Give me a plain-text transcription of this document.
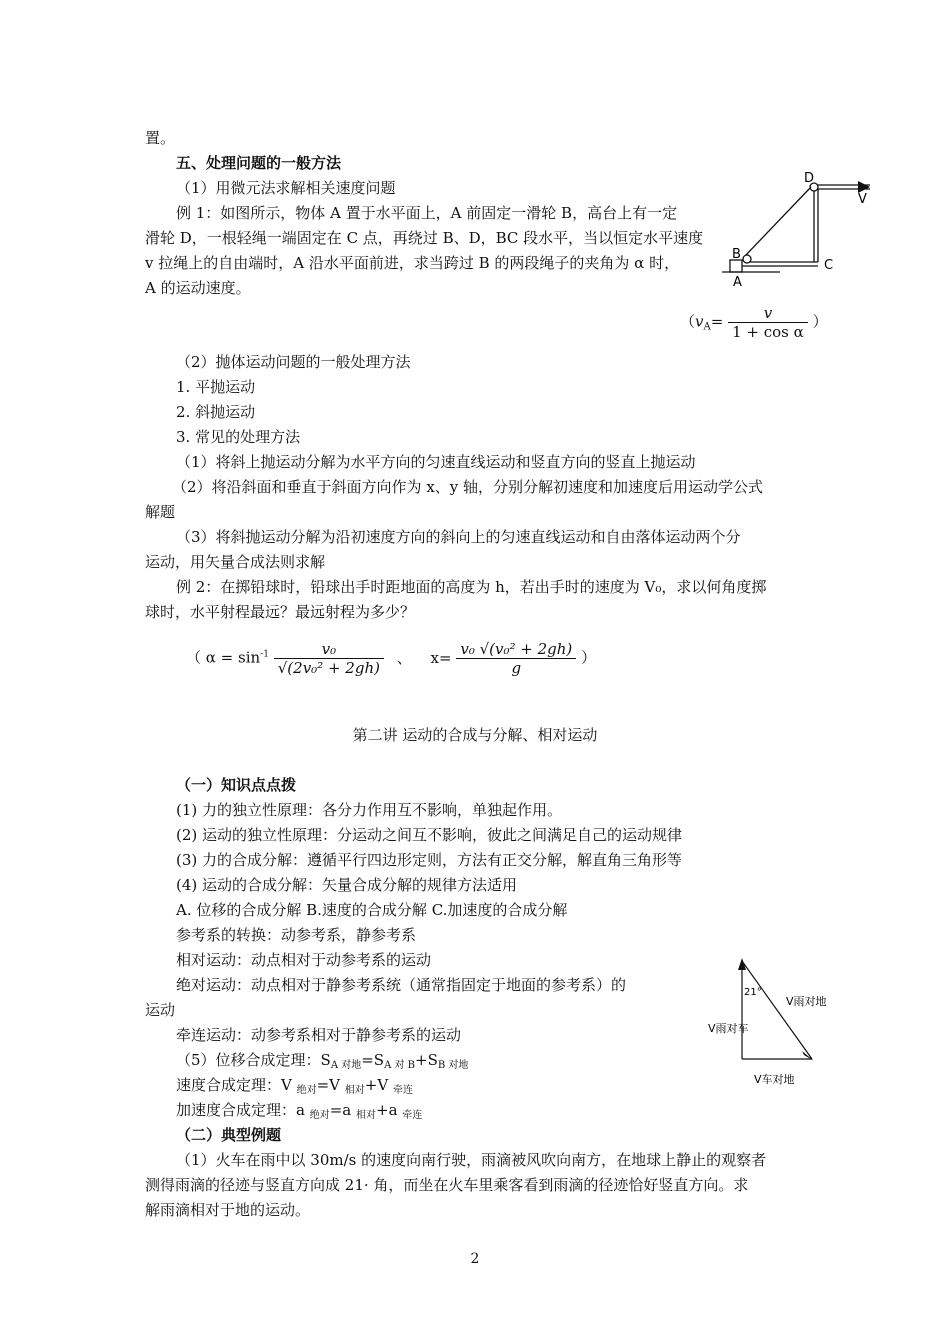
置。
五、处理问题的一般方法
（1）用微元法求解相关速度问题
例 1：如图所示，物体 A 置于水平面上，A 前固定一滑轮 B，高台上有一定
滑轮 D，一根轻绳一端固定在 C 点，再绕过 B、D，BC 段水平，当以恒定水平速度
v 拉绳上的自由端时，A 沿水平面前进，求当跨过 B 的两段绳子的夹角为 α 时，
A 的运动速度。
（$v_A= \frac{v}{\text{1 + cos α}}$ ）
D
V
B
C
A
（2）抛体运动问题的一般处理方法
1. 平抛运动
2. 斜抛运动
3. 常见的处理方法
（1）将斜上抛运动分解为水平方向的匀速直线运动和竖直方向的竖直上抛运动
（2）将沿斜面和垂直于斜面方向作为 x、y 轴，分别分解初速度和加速度后用运动学公式
解题
（3）将斜抛运动分解为沿初速度方向的斜向上的匀速直线运动和自由落体运动两个分
运动，用矢量合成法则求解
例 2：在掷铅球时，铅球出手时距地面的高度为 h，若出手时的速度为 V₀，求以何角度掷
球时，水平射程最远？最远射程为多少？
（ $\alpha = \sin^{-1} \frac{\text{v₀}}{\text{√(2v₀² + 2gh)}}$ 、 $x= \frac{\text{v₀ √(v₀² + 2gh)}}{g}$ ）
第二讲 运动的合成与分解、相对运动
（一）知识点点拨
(1) 力的独立性原理：各分力作用互不影响，单独起作用。
(2) 运动的独立性原理：分运动之间互不影响，彼此之间满足自己的运动规律
(3) 力的合成分解：遵循平行四边形定则，方法有正交分解，解直角三角形等
(4) 运动的合成分解：矢量合成分解的规律方法适用
A. 位移的合成分解 B.速度的合成分解 C.加速度的合成分解
参考系的转换：动参考系，静参考系
相对运动：动点相对于动参考系的运动
绝对运动：动点相对于静参考系统（通常指固定于地面的参考系）的
运动
牵连运动：动参考系相对于静参考系的运动
（5）位移合成定理：$S_{A 对地}=S_{A 对 B}+S_{B 对地}$
速度合成定理：V $_{绝对}$=V $_{相对}$+V $_{牵连}$
加速度合成定理：a $_{绝对}$=a $_{相对}$+a $_{牵连}$
21°
V雨对地
V雨对车
V车对地
（二）典型例题
（1）火车在雨中以 30m/s 的速度向南行驶，雨滴被风吹向南方，在地球上静止的观察者
测得雨滴的径迹与竖直方向成 21· 角，而坐在火车里乘客看到雨滴的径迹恰好竖直方向。求
解雨滴相对于地的运动。
2
